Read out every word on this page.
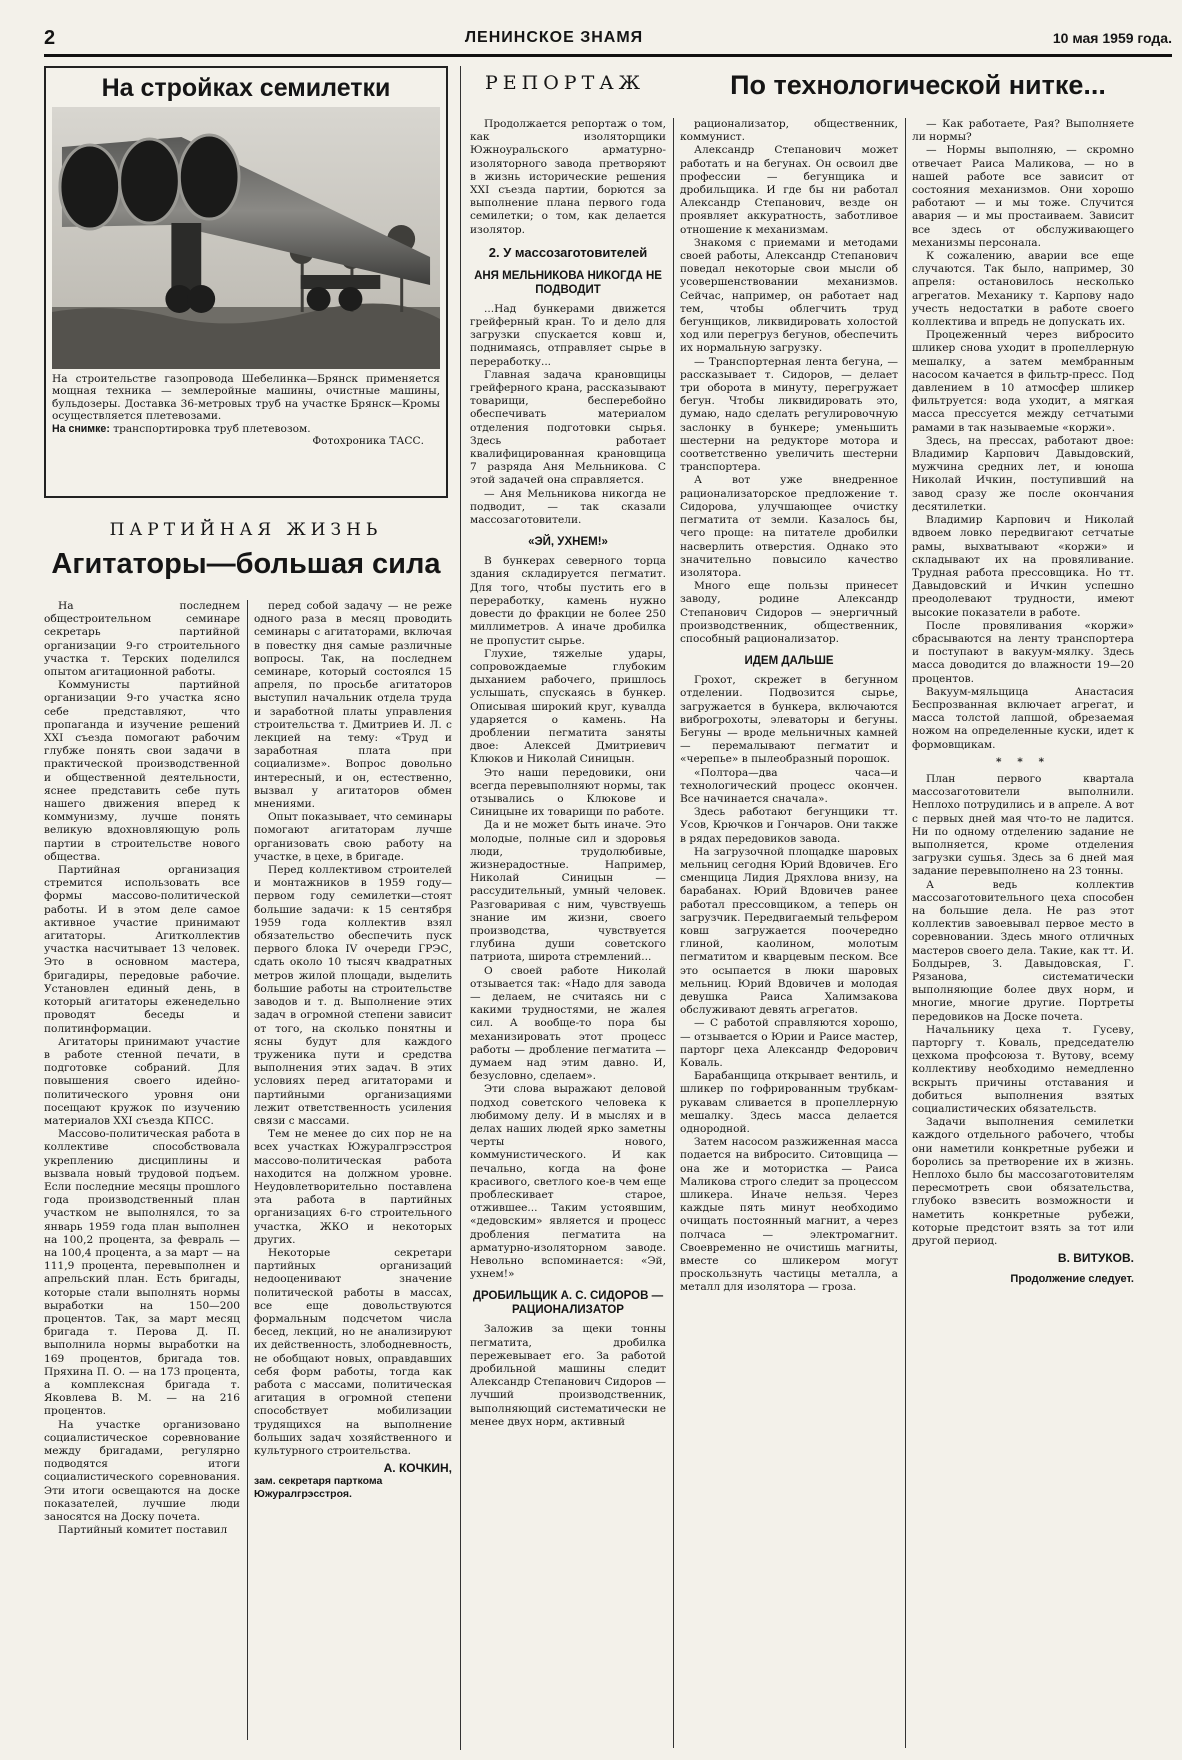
2	ЛЕНИНСКОЕ ЗНАМЯ	10 мая 1959 года.
На стройках семилетки
На строительстве газопровода Шебелинка—Брянск применяется мощная техника — землеройные машины, очистные машины, бульдозеры. Доставка 36-метровых труб на участке Брянск—Кромы осуществляется плетевозами.
На снимке: транспортировка труб плетевозом.
Фотохроника ТАСС.
ПАРТИЙНАЯ ЖИЗНЬ
Агитаторы—большая сила

На последнем общестроительном семинаре секретарь партийной организации 9-го строительного участка т. Терских поделился опытом агитационной работы.

Коммунисты партийной организации 9-го участка ясно себе представляют, что пропаганда и изучение решений XXI съезда помогают рабочим глубже понять свои задачи в практической производственной и общественной деятельности, яснее представить себе путь нашего движения вперед к коммунизму, лучше понять великую вдохновляющую роль партии в строительстве нового общества.

Партийная организация стремится использовать все формы массово-политической работы. И в этом деле самое активное участие принимают агитаторы. Агитколлектив участка насчитывает 13 человек. Это в основном мастера, бригадиры, передовые рабочие. Установлен единый день, в который агитаторы еженедельно проводят беседы и политинформации.

Агитаторы принимают участие в работе стенной печати, в подготовке собраний. Для повышения своего идейно-политического уровня они посещают кружок по изучению материалов XXI съезда КПСС.

Массово-политическая работа в коллективе способствовала укреплению дисциплины и вызвала новый трудовой подъем. Если последние месяцы прошлого года производственный план участком не выполнялся, то за январь 1959 года план выполнен на 100,2 процента, за февраль — на 100,4 процента, а за март — на 111,9 процента, перевыполнен и апрельский план. Есть бригады, которые стали выполнять нормы выработки на 150—200 процентов. Так, за март месяц бригада т. Перова Д. П. выполнила нормы выработки на 169 процентов, бригада тов. Пряхина П. О. — на 173 процента, а комплексная бригада т. Яковлева В. М. — на 216 процентов.

На участке организовано социалистическое соревнование между бригадами, регулярно подводятся итоги социалистического соревнования. Эти итоги освещаются на доске показателей, лучшие люди заносятся на Доску почета.

Партийный комитет поставил

перед собой задачу — не реже одного раза в месяц проводить семинары с агитаторами, включая в повестку дня самые различные вопросы. Так, на последнем семинаре, который состоялся 15 апреля, по просьбе агитаторов выступил начальник отдела труда и заработной платы управления строительства т. Дмитриев И. Л. с лекцией на тему: «Труд и заработная плата при социализме». Вопрос довольно интересный, и он, естественно, вызвал у агитаторов обмен мнениями.

Опыт показывает, что семинары помогают агитаторам лучше организовать свою работу на участке, в цехе, в бригаде.

Перед коллективом строителей и монтажников в 1959 году—первом году семилетки—стоят большие задачи: к 15 сентября 1959 года коллектив взял обязательство обеспечить пуск первого блока IV очереди ГРЭС, сдать около 10 тысяч квадратных метров жилой площади, выделить большие работы на строительстве заводов и т. д. Выполнение этих задач в огромной степени зависит от того, на сколько понятны и ясны будут для каждого труженика пути и средства выполнения этих задач. В этих условиях перед агитаторами и партийными организациями лежит ответственность усиления связи с массами.

Тем не менее до сих пор не на всех участках Южуралгрэсстроя массово-политическая работа находится на должном уровне. Неудовлетворительно поставлена эта работа в партийных организациях 6-го строительного участка, ЖКО и некоторых других.

Некоторые секретари партийных организаций недооценивают значение политической работы в массах, все еще довольствуются формальным подсчетом числа бесед, лекций, но не анализируют их действенность, злободневность, не обобщают новых, оправдавших себя форм работы, тогда как работа с массами, политическая агитация в огромной степени способствует мобилизации трудящихся на выполнение больших задач хозяйственного и культурного строительства.

А. КОЧКИН,
зам. секретаря парткома Южуралгрэсстроя.
РЕПОРТАЖ	По технологической нитке...

Продолжается репортаж о том, как изоляторщики Южноуральского арматурно-изоляторного завода претворяют в жизнь исторические решения XXI съезда партии, борются за выполнение плана первого года семилетки; о том, как делается изолятор.

2. У массозаготовителей
АНЯ МЕЛЬНИКОВА НИКОГДА НЕ ПОДВОДИТ

...Над бункерами движется грейферный кран. То и дело для загрузки спускается ковш и, поднимаясь, отправляет сырье в переработку...

Главная задача крановщицы грейферного крана, рассказывают товарищи, бесперебойно обеспечивать материалом отделения подготовки сырья. Здесь работает квалифицированная крановщица 7 разряда Аня Мельникова. С этой задачей она справляется.

— Аня Мельникова никогда не подводит, — так сказали массозаготовители.

«ЭЙ, УХНЕМ!»

В бункерах северного торца здания складируется пегматит. Для того, чтобы пустить его в переработку, камень нужно довести до фракции не более 250 миллиметров. А иначе дробилка не пропустит сырье.

Глухие, тяжелые удары, сопровождаемые глубоким дыханием рабочего, пришлось услышать, спускаясь в бункер. Описывая широкий круг, кувалда ударяется о камень. На дроблении пегматита заняты двое: Алексей Дмитриевич Клюков и Николай Синицын.

Это наши передовики, они всегда перевыполняют нормы, так отзывались о Клюкове и Синицыне их товарищи по работе.

Да и не может быть иначе. Это молодые, полные сил и здоровья люди, трудолюбивые, жизнерадостные. Например, Николай Синицын — рассудительный, умный человек. Разговаривая с ним, чувствуешь знание им жизни, своего производства, чувствуется глубина души советского патриота, широта стремлений...

О своей работе Николай отзывается так: «Надо для завода — делаем, не считаясь ни с какими трудностями, не жалея сил. А вообще-то пора бы механизировать этот процесс работы — дробление пегматита — думаем над этим давно. И, безусловно, сделаем».

Эти слова выражают деловой подход советского человека к любимому делу. И в мыслях и в делах наших людей ярко заметны черты нового, коммунистического. И как печально, когда на фоне красивого, светлого кое-в чем еще проблескивает старое, отжившее... Таким устоявшим, «дедовским» является и процесс дробления пегматита на арматурно-изоляторном заводе. Невольно вспоминается: «Эй, ухнем!»

ДРОБИЛЬЩИК А. С. СИДОРОВ — РАЦИОНАЛИЗАТОР

Заложив за щеки тонны пегматита, дробилка пережевывает его. За работой дробильной машины следит Александр Степанович Сидоров — лучший производственник, выполняющий систематически не менее двух норм, активный

рационализатор, общественник, коммунист.

Александр Степанович может работать и на бегунах. Он освоил две профессии — бегунщика и дробильщика. И где бы ни работал Александр Степанович, везде он проявляет аккуратность, заботливое отношение к механизмам.

Знакомя с приемами и методами своей работы, Александр Степанович поведал некоторые свои мысли об усовершенствовании механизмов. Сейчас, например, он работает над тем, чтобы облегчить труд бегунщиков, ликвидировать холостой ход или перегруз бегунов, обеспечить их нормальную загрузку.

— Транспортерная лента бегуна, — рассказывает т. Сидоров, — делает три оборота в минуту, перегружает бегун. Чтобы ликвидировать это, думаю, надо сделать регулировочную заслонку в бункере; уменьшить шестерни на редукторе мотора и соответственно увеличить шестерни транспортера.

А вот уже внедренное рационализаторское предложение т. Сидорова, улучшающее очистку пегматита от земли. Казалось бы, чего проще: на питателе дробилки насверлить отверстия. Однако это значительно повысило качество изолятора.

Много еще пользы принесет заводу, родине Александр Степанович Сидоров — энергичный производственник, общественник, способный рационализатор.

ИДЕМ ДАЛЬШЕ

Грохот, скрежет в бегунном отделении. Подвозится сырье, загружается в бункера, включаются виброгрохоты, элеваторы и бегуны. Бегуны — вроде мельничных камней — перемалывают пегматит и «черепье» в пылеобразный порошок.

«Полтора—два часа—и технологический процесс окончен. Все начинается сначала».

Здесь работают бегунщики тт. Усов, Крючков и Гончаров. Они также в рядах передовиков завода.

На загрузочной площадке шаровых мельниц сегодня Юрий Вдовичев. Его сменщица Лидия Дряхлова внизу, на барабанах. Юрий Вдовичев ранее работал прессовщиком, а теперь он загрузчик. Передвигаемый тельфером ковш загружается поочередно глиной, каолином, молотым пегматитом и кварцевым песком. Все это осыпается в люки шаровых мельниц. Юрий Вдовичев и молодая девушка Раиса Халимзакова обслуживают девять агрегатов.

— С работой справляются хорошо, — отзывается о Юрии и Раисе мастер, парторг цеха Александр Федорович Коваль.

Барабанщица открывает вентиль, и шликер по гофрированным трубкам-рукавам сливается в пропеллерную мешалку. Здесь масса делается однородной.

Затем насосом разжиженная масса подается на вибросито. Ситовщица — она же и мотористка — Раиса Маликова строго следит за процессом шликера. Иначе нельзя. Через каждые пять минут необходимо очищать постоянный магнит, а через полчаса — электромагнит. Своевременно не очистишь магниты, вместе со шликером могут проскользнуть частицы металла, а металл для изолятора — гроза.

— Как работаете, Рая? Выполняете ли нормы?

— Нормы выполняю, — скромно отвечает Раиса Маликова, — но в нашей работе все зависит от состояния механизмов. Они хорошо работают — и мы тоже. Случится авария — и мы простаиваем. Зависит все здесь от обслуживающего механизмы персонала.

К сожалению, аварии все еще случаются. Так было, например, 30 апреля: остановилось несколько агрегатов. Механику т. Карпову надо учесть недостатки в работе своего коллектива и впредь не допускать их.

Процеженный через вибросито шликер снова уходит в пропеллерную мешалку, а затем мембранным насосом качается в фильтр-пресс. Под давлением в 10 атмосфер шликер фильтруется: вода уходит, а мягкая масса прессуется между сетчатыми рамами в так называемые «коржи».

Здесь, на прессах, работают двое: Владимир Карпович Давыдовский, мужчина средних лет, и юноша Николай Ичкин, поступивший на завод сразу же после окончания десятилетки.

Владимир Карпович и Николай вдвоем ловко передвигают сетчатые рамы, выхватывают «коржи» и складывают их на провяливание. Трудная работа прессовщика. Но тт. Давыдовский и Ичкин успешно преодолевают трудности, имеют высокие показатели в работе.

После провяливания «коржи» сбрасываются на ленту транспортера и поступают в вакуум-мялку. Здесь масса доводится до влажности 19—20 процентов.

Вакуум-мяльщица Анастасия Беспрозванная включает агрегат, и масса толстой лапшой, обрезаемая ножом на определенные куски, идет к формовщикам.

* * *

План первого квартала массозаготовители выполнили. Неплохо потрудились и в апреле. А вот с первых дней мая что-то не ладится. Ни по одному отделению задание не выполняется, кроме отделения загрузки сушья. Здесь за 6 дней мая задание перевыполнено на 23 тонны.

А ведь коллектив массозаготовительного цеха способен на большие дела. Не раз этот коллектив завоевывал первое место в соревновании. Здесь много отличных мастеров своего дела. Такие, как тт. И. Болдырев, З. Давыдовская, Г. Рязанова, систематически выполняющие более двух норм, и многие, многие другие. Портреты передовиков на Доске почета.

Начальнику цеха т. Гусеву, парторгу т. Коваль, председателю цехкома профсоюза т. Вутову, всему коллективу необходимо немедленно вскрыть причины отставания и добиться выполнения взятых социалистических обязательств.

Задачи выполнения семилетки каждого отдельного рабочего, чтобы они наметили конкретные рубежи и боролись за претворение их в жизнь. Неплохо было бы массозаготовителям пересмотреть свои обязательства, глубоко взвесить возможности и наметить конкретные рубежи, которые предстоит взять за тот или другой период.

В. ВИТУКОВ.
Продолжение следует.
